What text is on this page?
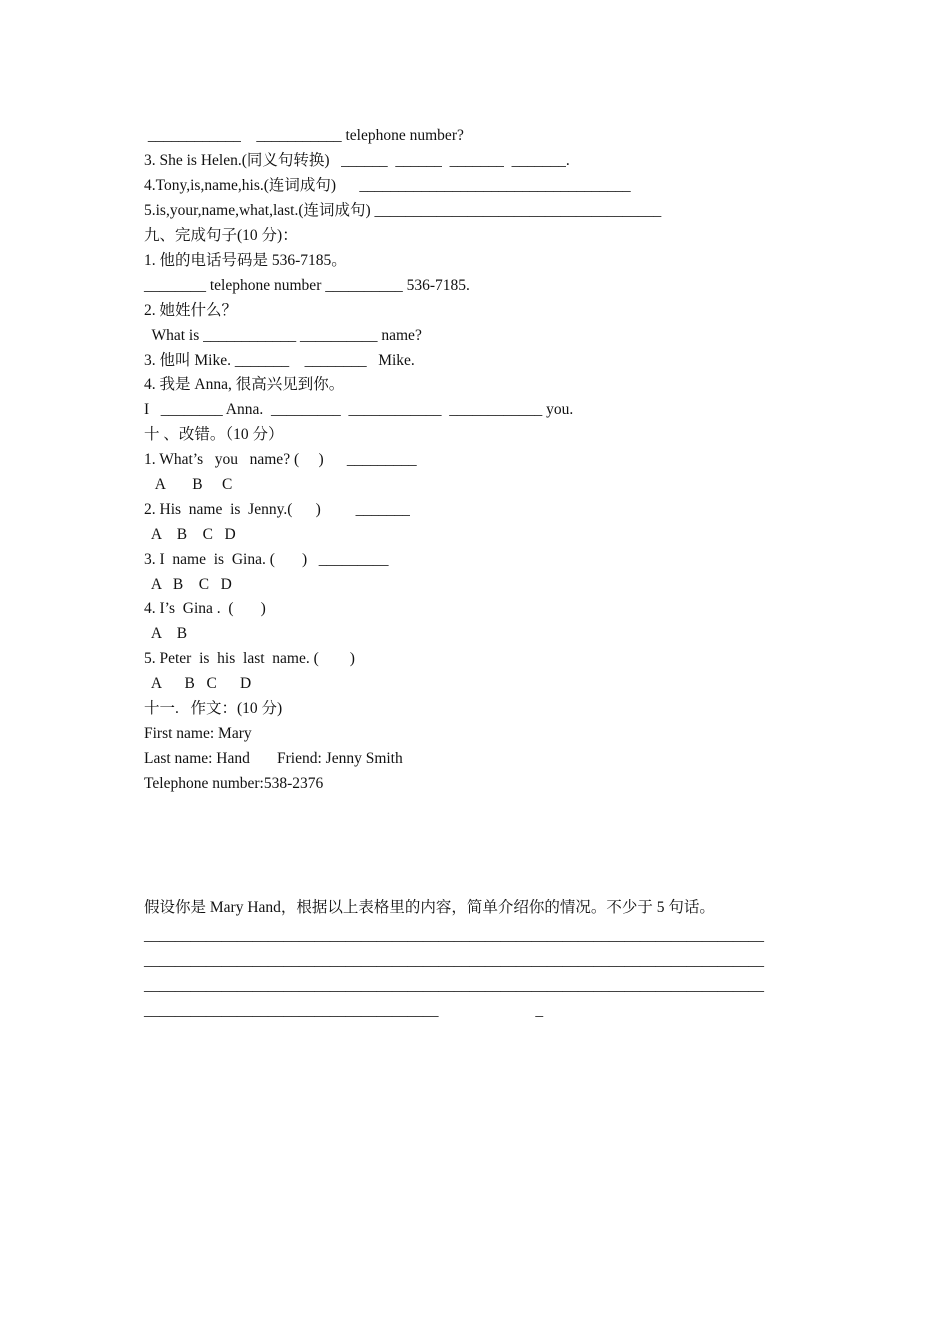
____________    ___________ telephone number?
3. She is Helen.(同义句转换)   ______  ______  _______  _______.
4.Tony,is,name,his.(连词成句)      ___________________________________
5.is,your,name,what,last.(连词成句) _____________________________________
九、完成句子(10 分)：
1. 他的电话号码是 536-7185。
________ telephone number __________ 536-7185.
2. 她姓什么？
What is ____________ __________ name?
3. 他叫 Mike. _______    ________   Mike.
4. 我是 Anna, 很高兴见到你。
I   ________ Anna.  _________  ____________  ____________ you.
十 、改错。（10 分）
1. What’s   you   name? (     )      _________
A       B     C
2. His  name  is  Jenny.(      )         _______
A    B    C   D
3. I  name  is  Gina. (       )   _________
A   B    C   D
4. I’s  Gina .  (       )
A    B
5. Peter  is  his  last  name. (        )
A      B   C      D
十一.   作文：(10 分)
First name: Mary
Last name: Hand       Friend: Jenny Smith
Telephone number:538-2376
假设你是 Mary Hand，根据以上表格里的内容，简单介绍你的情况。不少于 5 句话。
________________________________________________________________________________
________________________________________________________________________________
________________________________________________________________________________
______________________________________                         _
